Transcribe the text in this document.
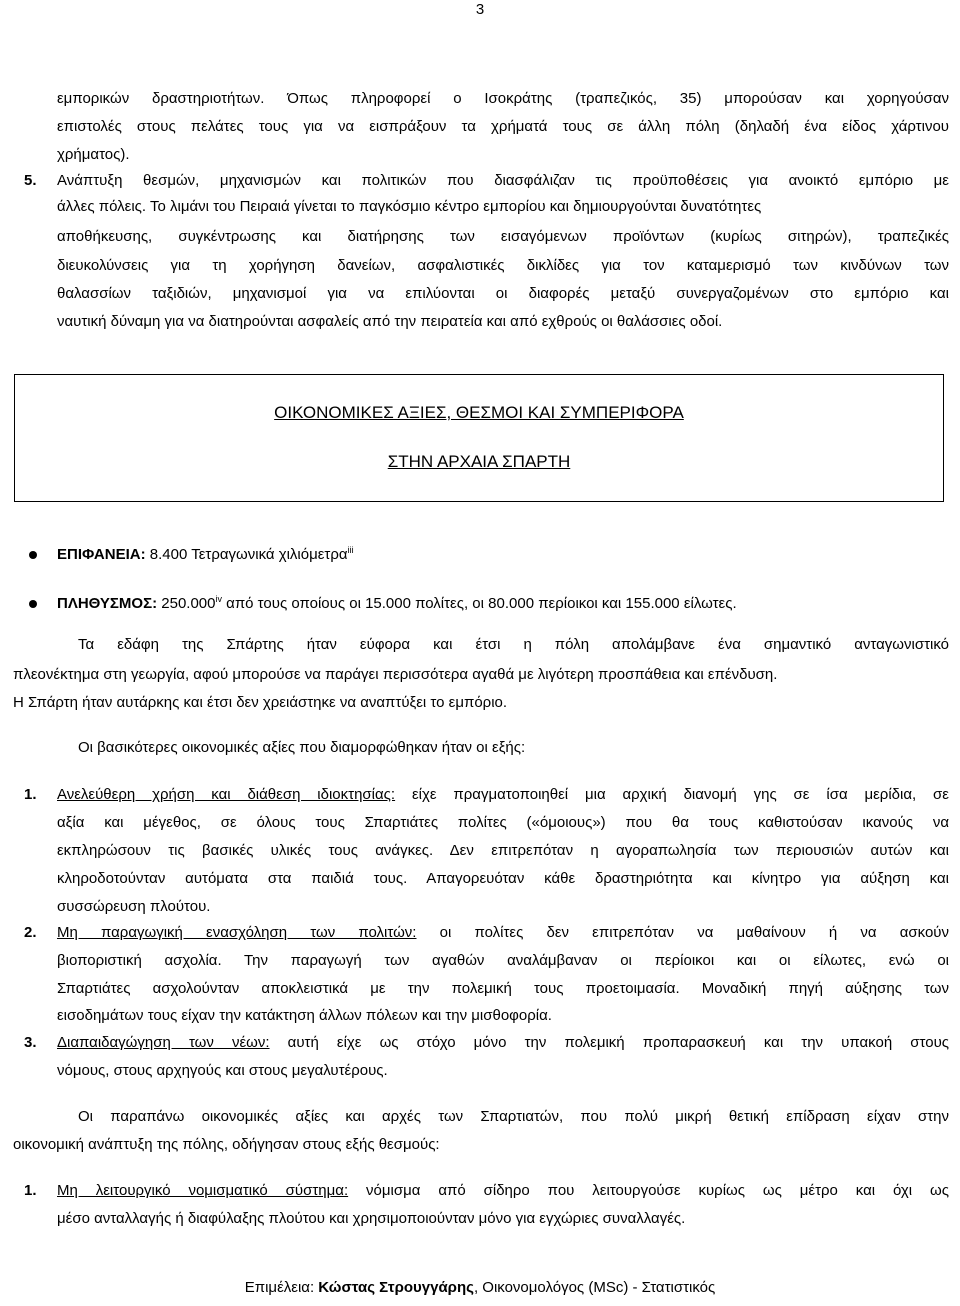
3
εμπορικών δραστηριοτήτων. Όπως πληροφορεί ο Ισοκράτης (τραπεζικός, 35) μπορούσαν και χορηγούσαν
επιστολές στους πελάτες τους για να εισπράξουν τα χρήματά τους σε άλλη πόλη (δηλαδή ένα είδος χάρτινου
χρήματος).
5. Ανάπτυξη θεσμών, μηχανισμών και πολιτικών που διασφάλιζαν τις προϋποθέσεις για ανοικτό εμπόριο με
άλλες πόλεις. Το λιμάνι του Πειραιά γίνεται το παγκόσμιο κέντρο εμπορίου και δημιουργούνται δυνατότητες
αποθήκευσης, συγκέντρωσης και διατήρησης των εισαγόμενων προϊόντων (κυρίως σιτηρών), τραπεζικές
διευκολύνσεις για τη χορήγηση δανείων, ασφαλιστικές δικλίδες για τον καταμερισμό των κινδύνων των
θαλασσίων ταξιδιών, μηχανισμοί για να επιλύονται οι διαφορές μεταξύ συνεργαζομένων στο εμπόριο και
ναυτική δύναμη για να διατηρούνται ασφαλείς από την πειρατεία και από εχθρούς οι θαλάσσιες οδοί.
ΟΙΚΟΝΟΜΙΚΕΣ ΑΞΙΕΣ, ΘΕΣΜΟΙ ΚΑΙ ΣΥΜΠΕΡΙΦΟΡΑ
ΣΤΗΝ ΑΡΧΑΙΑ ΣΠΑΡΤΗ
ΕΠΙΦΑΝΕΙΑ: 8.400 Τετραγωνικά χιλιόμετρα$^{iii}$
ΠΛΗΘΥΣΜΟΣ: 250.000$^{iv}$ από τους οποίους οι 15.000 πολίτες, οι 80.000 περίοικοι και 155.000 είλωτες.
Τα εδάφη της Σπάρτης ήταν εύφορα και έτσι η πόλη απολάμβανε ένα σημαντικό ανταγωνιστικό
πλεονέκτημα στη γεωργία, αφού μπορούσε να παράγει περισσότερα αγαθά με λιγότερη προσπάθεια και επένδυση.
Η Σπάρτη ήταν αυτάρκης και έτσι δεν χρειάστηκε να αναπτύξει το εμπόριο.
Οι βασικότερες οικονομικές αξίες που διαμορφώθηκαν ήταν οι εξής:
1. Ανελεύθερη χρήση και διάθεση ιδιοκτησίας: είχε πραγματοποιηθεί μια αρχική διανομή γης σε ίσα μερίδια, σε
αξία και μέγεθος, σε όλους τους Σπαρτιάτες πολίτες («όμοιους») που θα τους καθιστούσαν ικανούς να
εκπληρώσουν τις βασικές υλικές τους ανάγκες. Δεν επιτρεπόταν η αγοραπωλησία των περιουσιών αυτών και
κληροδοτούνταν αυτόματα στα παιδιά τους. Απαγορευόταν κάθε δραστηριότητα και κίνητρο για αύξηση και
συσσώρευση πλούτου.
2. Μη παραγωγική ενασχόληση των πολιτών: οι πολίτες δεν επιτρεπόταν να μαθαίνουν ή να ασκούν
βιοποριστική ασχολία. Την παραγωγή των αγαθών αναλάμβαναν οι περίοικοι και οι είλωτες, ενώ οι
Σπαρτιάτες ασχολούνταν αποκλειστικά με την πολεμική τους προετοιμασία. Μοναδική πηγή αύξησης των
εισοδημάτων τους είχαν την κατάκτηση άλλων πόλεων και την μισθοφορία.
3. Διαπαιδαγώγηση των νέων: αυτή είχε ως στόχο μόνο την πολεμική προπαρασκευή και την υπακοή στους
νόμους, στους αρχηγούς και στους μεγαλυτέρους.
Οι παραπάνω οικονομικές αξίες και αρχές των Σπαρτιατών, που πολύ μικρή θετική επίδραση είχαν στην
οικονομική ανάπτυξη της πόλης, οδήγησαν στους εξής θεσμούς:
1. Μη λειτουργικό νομισματικό σύστημα: νόμισμα από σίδηρο που λειτουργούσε κυρίως ως μέτρο και όχι ως
μέσο ανταλλαγής ή διαφύλαξης πλούτου και χρησιμοποιούνταν μόνο για εγχώριες συναλλαγές.
Επιμέλεια: Κώστας Στρουγγάρης, Οικονομολόγος (MSc) - Στατιστικός
